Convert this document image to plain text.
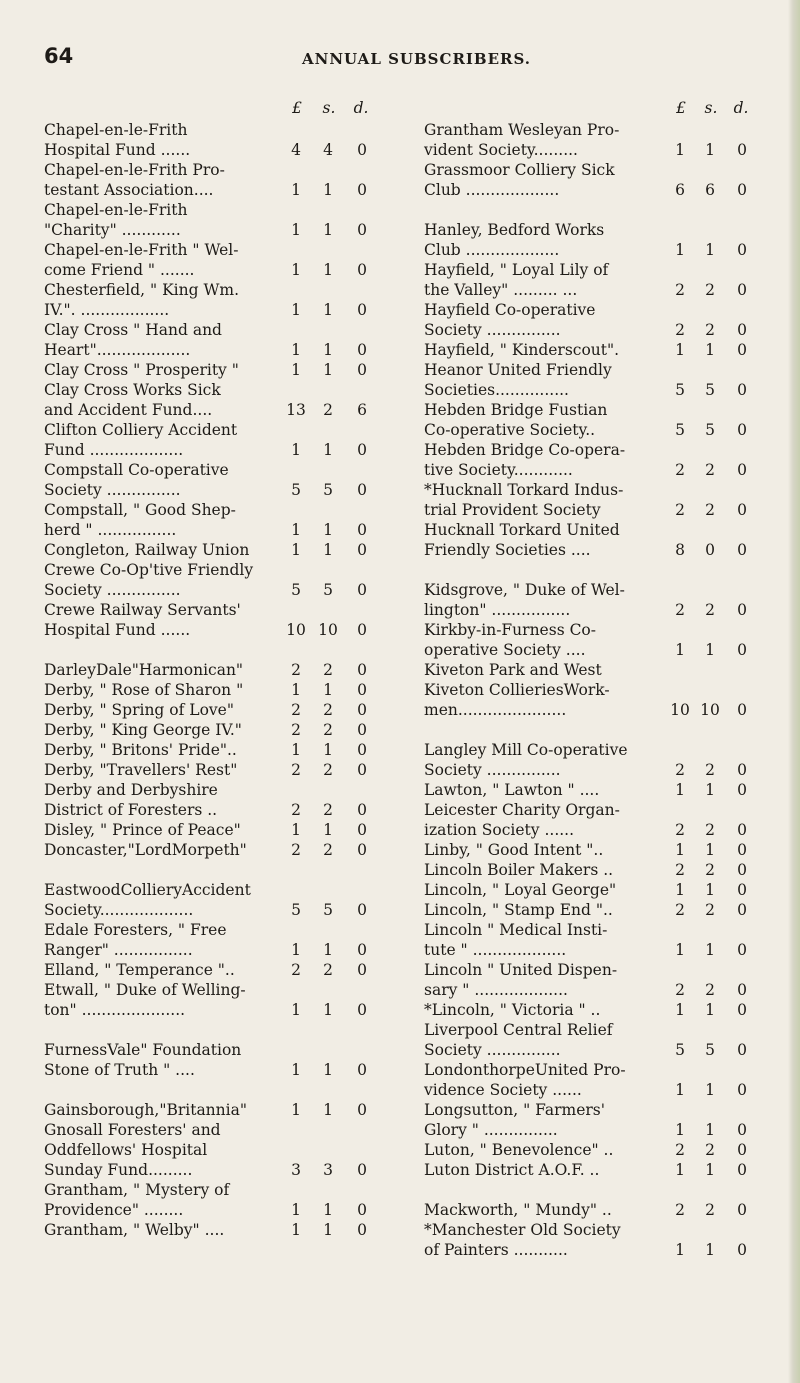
64	ANNUAL SUBSCRIBERS.
£	s. d.
Chapel-en-le-Frith
Hospital Fund ......	4	4	0
Chapel-en-le-Frith Pro-
testant Association....	1	1	0
Chapel-en-le-Frith
"Charity" ............	1	1	0
Chapel-en-le-Frith " Wel-
come Friend " .......	1	1	0
Chesterfield, " King Wm.
IV.". ..................	1	1	0
Clay Cross " Hand and
Heart"...................	1	1	0
Clay Cross " Prosperity "	1	1	0
Clay Cross Works Sick
and Accident Fund....	13	2	6
Clifton Colliery Accident
Fund ...................	1	1	0
Compstall Co-operative
Society ...............	5	5	0
Compstall, " Good Shep-
herd " ................	1	1	0
Congleton, Railway Union	1	1	0
Crewe Co-Op'tive Friendly
Society ...............	5	5	0
Crewe Railway Servants'
Hospital Fund ......	10 10	0
DarleyDale"Harmonican"	2	2	0
Derby, " Rose of Sharon "	1	1	0
Derby, " Spring of Love"	2	2	0
Derby, " King George IV."	2	2	0
Derby, " Britons' Pride"..	1	1	0
Derby, "Travellers' Rest"	2	2	0
Derby and Derbyshire
District of Foresters ..	2	2	0
Disley, " Prince of Peace"	1	1	0
Doncaster,"LordMorpeth"	2	2	0
EastwoodCollieryAccident
Society...................	5	5	0
Edale Foresters, " Free
Ranger" ................	1	1	0
Elland, " Temperance "..	2	2	0
Etwall, " Duke of Welling-
ton" .....................	1	1	0
FurnessVale" Foundation
Stone of Truth " ....	1	1	0
Gainsborough,"Britannia"	1	1	0
Gnosall Foresters' and
Oddfellows' Hospital
Sunday Fund.........	3	3	0
Grantham, " Mystery of
Providence" ........	1	1	0
Grantham, " Welby" ....	1	1	0
£	s. d.
Grantham Wesleyan Pro-
vident Society.........	1	1	0
Grassmoor Colliery Sick
Club ...................	6	6	0
Hanley, Bedford Works
Club ...................	1	1	0
Hayfield, " Loyal Lily of
the Valley" ......... ...	2	2	0
Hayfield Co-operative
Society ...............	2	2	0
Hayfield, " Kinderscout".	1	1	0
Heanor United Friendly
Societies...............	5	5	0
Hebden Bridge Fustian
Co-operative Society..	5	5	0
Hebden Bridge Co-opera-
tive Society............	2	2	0
*Hucknall Torkard Indus-
trial Provident Society	2	2	0
Hucknall Torkard United
Friendly Societies ....	8	0	0
Kidsgrove, " Duke of Wel-
lington" ................	2	2	0
Kirkby-in-Furness Co-
operative Society ....	1	1	0
Kiveton Park and West
Kiveton CollieriesWork-
men......................	10 10	0
Langley Mill Co-operative
Society ...............	2	2	0
Lawton, " Lawton " ....	1	1	0
Leicester Charity Organ-
ization Society ......	2	2	0
Linby, " Good Intent "..	1	1	0
Lincoln Boiler Makers ..	2	2	0
Lincoln, " Loyal George"	1	1	0
Lincoln, " Stamp End "..	2	2	0
Lincoln " Medical Insti-
tute " ...................	1	1	0
Lincoln " United Dispen-
sary " ...................	2	2	0
*Lincoln, " Victoria " ..	1	1	0
Liverpool Central Relief
Society ...............	5	5	0
LondonthorpeUnited Pro-
vidence Society ......	1	1	0
Longsutton, " Farmers'
Glory " ...............	1	1	0
Luton, " Benevolence" ..	2	2	0
Luton District A.O.F. ..	1	1	0
Mackworth, " Mundy" ..	2	2	0
*Manchester Old Society
of Painters ...........	1	1	0
